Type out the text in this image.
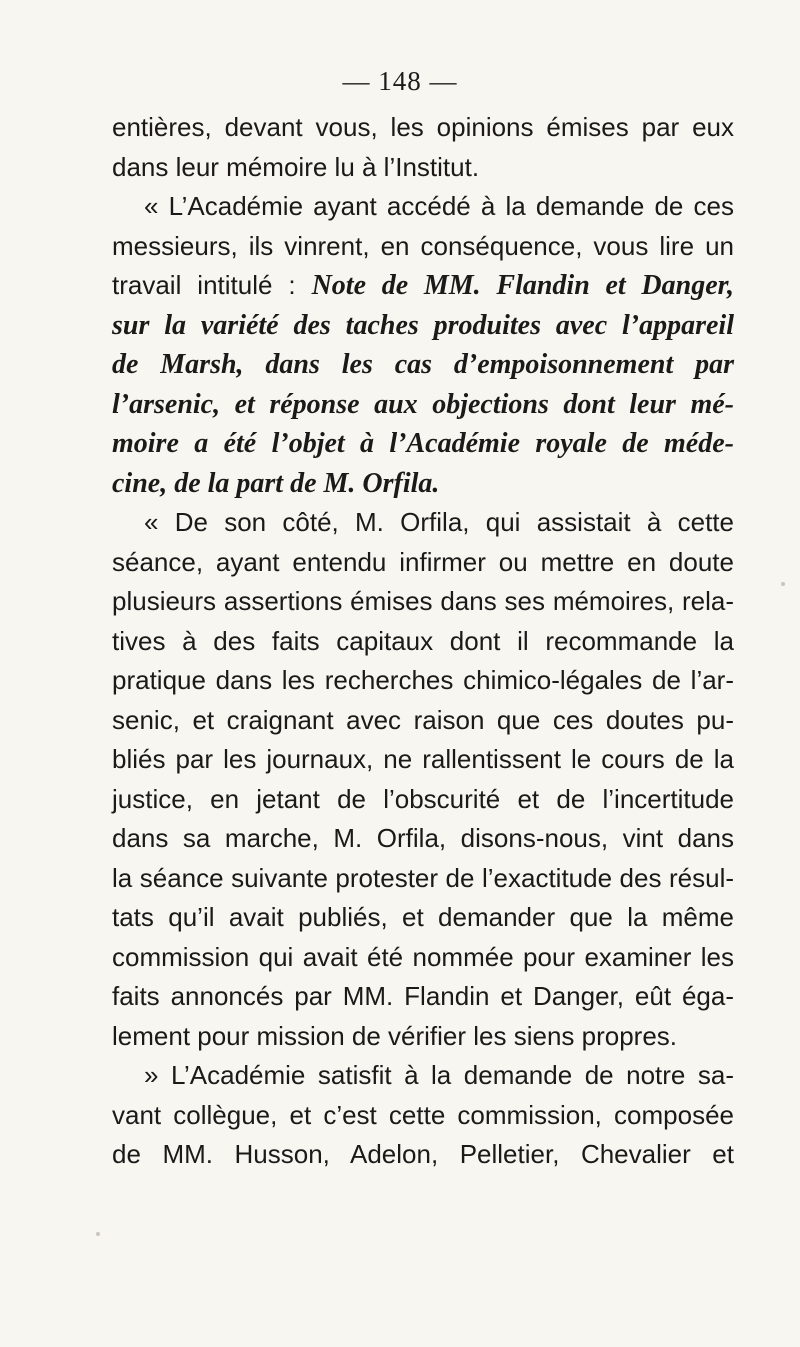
— 148 —
entières, devant vous, les opinions émises par eux
dans leur mémoire lu à l’Institut.
« L’Académie ayant accédé à la demande de ces
messieurs, ils vinrent, en conséquence, vous lire un
travail intitulé : Note de MM. Flandin et Danger,
sur la variété des taches produites avec l’appareil
de Marsh, dans les cas d’empoisonnement par
l’arsenic, et réponse aux objections dont leur mé-
moire a été l’objet à l’Académie royale de méde-
cine, de la part de M. Orfila.
« De son côté, M. Orfila, qui assistait à cette
séance, ayant entendu infirmer ou mettre en doute
plusieurs assertions émises dans ses mémoires, rela-
tives à des faits capitaux dont il recommande la
pratique dans les recherches chimico-légales de l’ar-
senic, et craignant avec raison que ces doutes pu-
bliés par les journaux, ne rallentissent le cours de la
justice, en jetant de l’obscurité et de l’incertitude
dans sa marche, M. Orfila, disons-nous, vint dans
la séance suivante protester de l’exactitude des résul-
tats qu’il avait publiés, et demander que la même
commission qui avait été nommée pour examiner les
faits annoncés par MM. Flandin et Danger, eût éga-
lement pour mission de vérifier les siens propres.
» L’Académie satisfit à la demande de notre sa-
vant collègue, et c’est cette commission, composée
de MM. Husson, Adelon, Pelletier, Chevalier et
